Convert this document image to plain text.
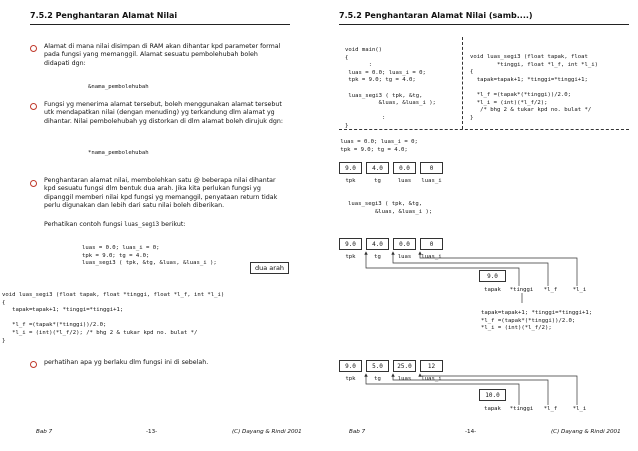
7.5.2 Penghantaran Alamat Nilai
Alamat di mana nilai disimpan di RAM akan dihantar kpd parameter formal pada fungsi yang memanggil. Alamat sesuatu pembolehubah boleh didapati dgn:
&nama_pembolehubah
Fungsi yg menerima alamat tersebut, boleh menggunakan alamat tersebut utk mendapatkan nilai (dengan menuding) yg terkandung dlm alamat yg dihantar. Nilai pembolehubah yg distorkan di dlm alamat boleh dirujuk dgn:
*nama_pembolehubah
Penghantaran alamat nilai, membolehkan satu @ beberapa nilai dihantar kpd sesuatu fungsi dlm bentuk dua arah. Jika kita perlukan fungsi yg dipanggil memberi nilai kpd fungsi yg memanggil, penyataan return tidak perlu digunakan dan lebih dari satu nilai boleh diberikan.
Perhatikan contoh fungsi luas_segi3 berikut:
luas = 0.0; luas_i = 0;
tpk = 9.0; tg = 4.0;
luas_segi3 ( tpk, &tg, &luas, &luas_i );
dua arah
void luas_segi3 (float tapak, float *tinggi, float *l_f, int *l_i)
{
tapak=tapak+1; *tinggi=*tinggi+1;

*l_f =(tapak*(*tinggi))/2.0;
*l_i = (int)(*l_f/2); /* bhg 2 & tukar kpd no. bulat */
}
perhatihan apa yg berlaku dlm fungsi ini di sebelah.
Bab 7	-13-	(C) Dayang & Rindi 2001
7.5.2 Penghantaran Alamat Nilai (samb....)
void main()
{
:
luas = 0.0; luas_i = 0;
tpk = 9.0; tg = 4.0;

luas_segi3 ( tpk, &tg,
&luas, &luas_i );

:
}
void luas_segi3 (float tapak, float
*tinggi, float *l_f, int *l_i)
{
tapak=tapak+1; *tinggi=*tinggi+1;

*l_f =(tapak*(*tinggi))/2.0;
*l_i = (int)(*l_f/2);
/* bhg 2 & tukar kpd no. bulat */
}
luas = 0.0; luas_i = 0;
tpk = 9.0; tg = 4.0;
9.0	4.0	0.0	0
tpk	tg	luas	luas_i
luas_segi3 ( tpk, &tg,
&luas, &luas_i );
9.0	4.0	0.0	0
tpk	tg	luas	luas_i
9.0
tapak	*tinggi	*l_f	*l_i
tapak=tapak+1; *tinggi=*tinggi+1;
*l_f =(tapak*(*tinggi))/2.0;
*l_i = (int)(*l_f/2);
9.0	5.0	25.0	12
tpk	tg	luas	luas_i
10.0
tapak	*tinggi	*l_f	*l_i
Bab 7	-14-	(C) Dayang & Rindi 2001
